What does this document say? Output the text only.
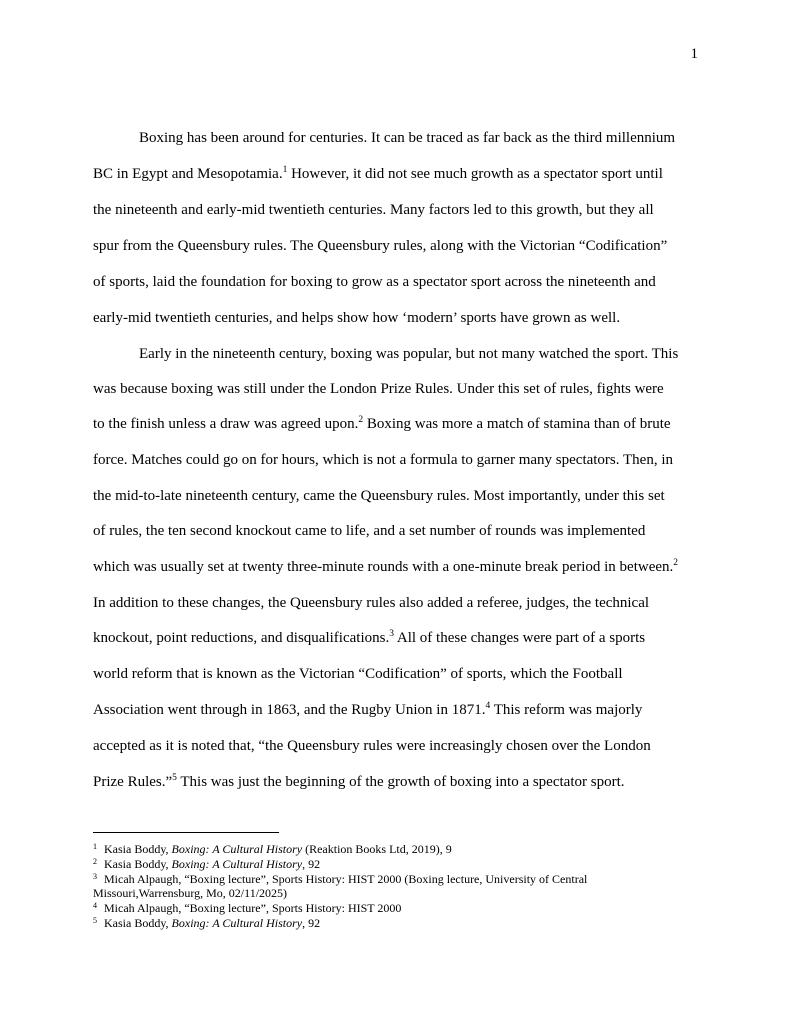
1
Boxing has been around for centuries. It can be traced as far back as the third millennium
BC in Egypt and Mesopotamia.$^1$ However, it did not see much growth as a spectator sport until
the nineteenth and early-mid twentieth centuries. Many factors led to this growth, but they all
spur from the Queensbury rules. The Queensbury rules, along with the Victorian “Codification”
of sports, laid the foundation for boxing to grow as a spectator sport across the nineteenth and
early-mid twentieth centuries, and helps show how ‘modern’ sports have grown as well.
Early in the nineteenth century, boxing was popular, but not many watched the sport. This
was because boxing was still under the London Prize Rules. Under this set of rules, fights were
to the finish unless a draw was agreed upon.$^2$ Boxing was more a match of stamina than of brute
force. Matches could go on for hours, which is not a formula to garner many spectators. Then, in
the mid-to-late nineteenth century, came the Queensbury rules. Most importantly, under this set
of rules, the ten second knockout came to life, and a set number of rounds was implemented
which was usually set at twenty three-minute rounds with a one-minute break period in between.$^2$
In addition to these changes, the Queensbury rules also added a referee, judges, the technical
knockout, point reductions, and disqualifications.$^3$ All of these changes were part of a sports
world reform that is known as the Victorian “Codification” of sports, which the Football
Association went through in 1863, and the Rugby Union in 1871.$^4$ This reform was majorly
accepted as it is noted that, “the Queensbury rules were increasingly chosen over the London
Prize Rules.”$^5$ This was just the beginning of the growth of boxing into a spectator sport.
$^1$ Kasia Boddy, Boxing: A Cultural History (Reaktion Books Ltd, 2019), 9
$^2$ Kasia Boddy, Boxing: A Cultural History, 92
$^3$ Micah Alpaugh, “Boxing lecture”, Sports History: HIST 2000 (Boxing lecture, University of Central
Missouri,Warrensburg, Mo, 02/11/2025)
$^4$ Micah Alpaugh, “Boxing lecture”, Sports History: HIST 2000
$^5$ Kasia Boddy, Boxing: A Cultural History, 92
